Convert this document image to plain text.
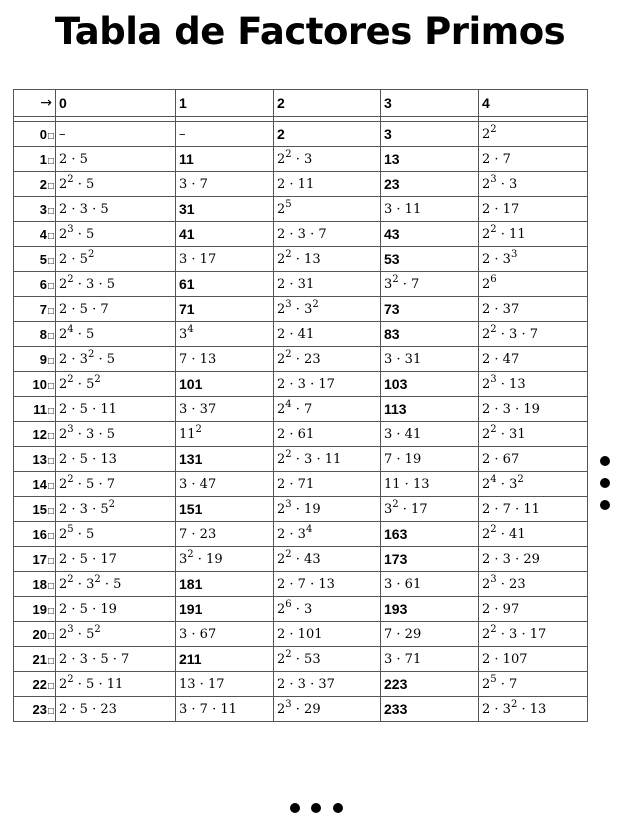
Tabla de Factores Primos
→	0	1	2	3	4

0□	–	–	2	3	$2^2$
1□	2 · 5	11	$2^2 \cdot 3$	13	2 · 7
2□	$2^2 \cdot 5$	3 · 7	2 · 11	23	$2^3 \cdot 3$
3□	2 · 3 · 5	31	$2^5$	3 · 11	2 · 17
4□	$2^3 \cdot 5$	41	2 · 3 · 7	43	$2^2 \cdot 11$
5□	$2 \cdot 5^2$	3 · 17	$2^2 \cdot 13$	53	$2 \cdot 3^3$
6□	$2^2 \cdot 3 \cdot 5$	61	2 · 31	$3^2 \cdot 7$	$2^6$
7□	2 · 5 · 7	71	$2^3 \cdot 3^2$	73	2 · 37
8□	$2^4 \cdot 5$	$3^4$	2 · 41	83	$2^2 \cdot 3 \cdot 7$
9□	$2 \cdot 3^2 \cdot 5$	7 · 13	$2^2 \cdot 23$	3 · 31	2 · 47
10□	$2^2 \cdot 5^2$	101	2 · 3 · 17	103	$2^3 \cdot 13$
11□	2 · 5 · 11	3 · 37	$2^4 \cdot 7$	113	2 · 3 · 19
12□	$2^3 \cdot 3 \cdot 5$	$11^2$	2 · 61	3 · 41	$2^2 \cdot 31$
13□	2 · 5 · 13	131	$2^2 \cdot 3 \cdot 11$	7 · 19	2 · 67
14□	$2^2 \cdot 5 \cdot 7$	3 · 47	2 · 71	11 · 13	$2^4 \cdot 3^2$
15□	$2 \cdot 3 \cdot 5^2$	151	$2^3 \cdot 19$	$3^2 \cdot 17$	2 · 7 · 11
16□	$2^5 \cdot 5$	7 · 23	$2 \cdot 3^4$	163	$2^2 \cdot 41$
17□	2 · 5 · 17	$3^2 \cdot 19$	$2^2 \cdot 43$	173	2 · 3 · 29
18□	$2^2 \cdot 3^2 \cdot 5$	181	2 · 7 · 13	3 · 61	$2^3 \cdot 23$
19□	2 · 5 · 19	191	$2^6 \cdot 3$	193	2 · 97
20□	$2^3 \cdot 5^2$	3 · 67	2 · 101	7 · 29	$2^2 \cdot 3 \cdot 17$
21□	2 · 3 · 5 · 7	211	$2^2 \cdot 53$	3 · 71	2 · 107
22□	$2^2 \cdot 5 \cdot 11$	13 · 17	2 · 3 · 37	223	$2^5 \cdot 7$
23□	2 · 5 · 23	3 · 7 · 11	$2^3 \cdot 29$	233	$2 \cdot 3^2 \cdot 13$
